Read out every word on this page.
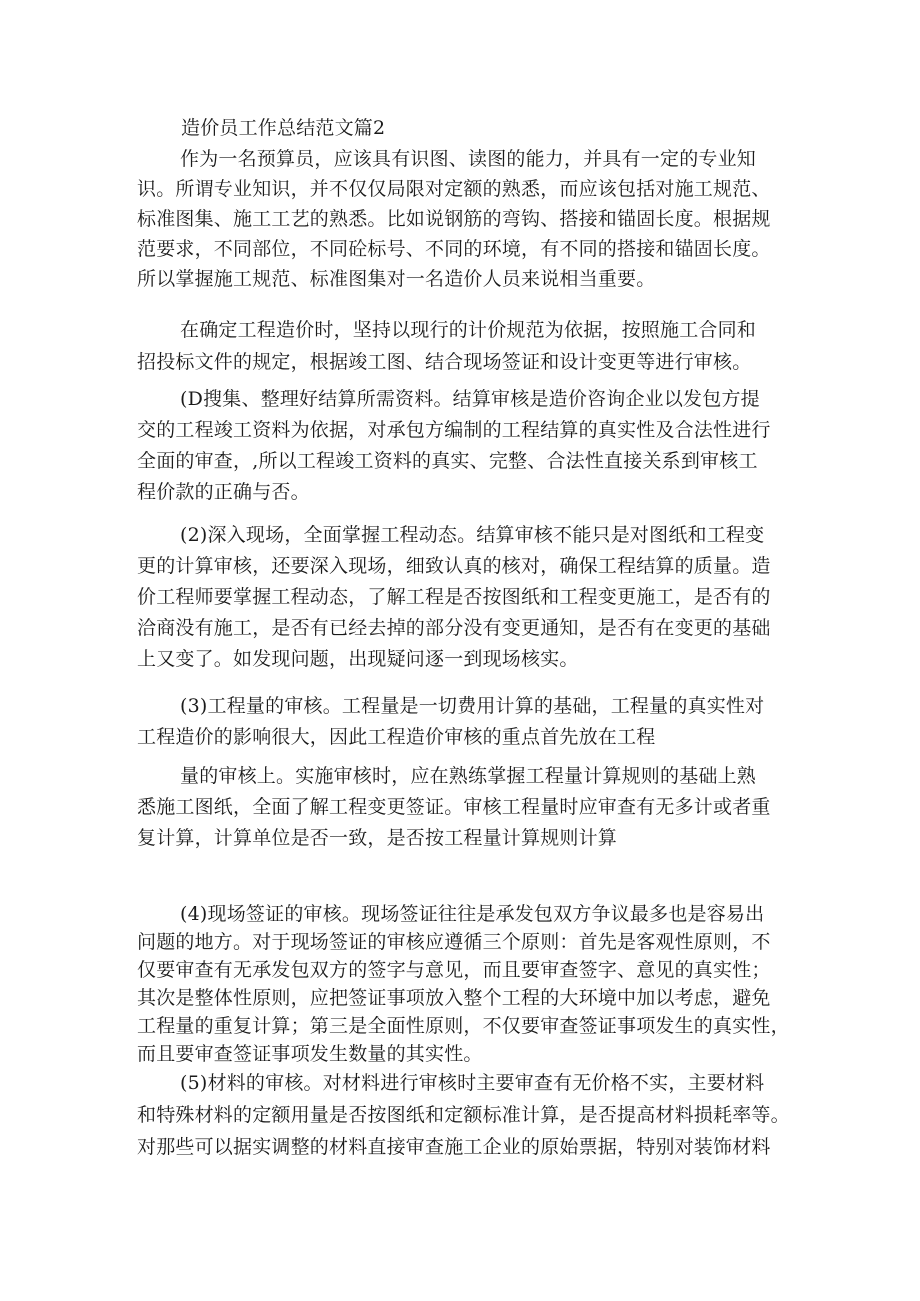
造价员工作总结范文篇2
作为一名预算员，应该具有识图、读图的能力，并具有一定的专业知
识。所谓专业知识，并不仅仅局限对定额的熟悉，而应该包括对施工规范、
标准图集、施工工艺的熟悉。比如说钢筋的弯钩、搭接和锚固长度。根据规
范要求，不同部位，不同砼标号、不同的环境，有不同的搭接和锚固长度。
所以掌握施工规范、标准图集对一名造价人员来说相当重要。
在确定工程造价时，坚持以现行的计价规范为依据，按照施工合同和
招投标文件的规定，根据竣工图、结合现场签证和设计变更等进行审核。
(D搜集、整理好结算所需资料。结算审核是造价咨询企业以发包方提
交的工程竣工资料为依据，对承包方编制的工程结算的真实性及合法性进行
全面的审查，,所以工程竣工资料的真实、完整、合法性直接关系到审核工
程价款的正确与否。
(2)深入现场，全面掌握工程动态。结算审核不能只是对图纸和工程变
更的计算审核，还要深入现场，细致认真的核对，确保工程结算的质量。造
价工程师要掌握工程动态，了解工程是否按图纸和工程变更施工，是否有的
洽商没有施工，是否有已经去掉的部分没有变更通知，是否有在变更的基础
上又变了。如发现问题，出现疑问逐一到现场核实。
(3)工程量的审核。工程量是一切费用计算的基础，工程量的真实性对
工程造价的影响很大，因此工程造价审核的重点首先放在工程
量的审核上。实施审核时，应在熟练掌握工程量计算规则的基础上熟
悉施工图纸，全面了解工程变更签证。审核工程量时应审查有无多计或者重
复计算，计算单位是否一致，是否按工程量计算规则计算
(4)现场签证的审核。现场签证往往是承发包双方争议最多也是容易出
问题的地方。对于现场签证的审核应遵循三个原则：首先是客观性原则，不
仅要审查有无承发包双方的签字与意见，而且要审查签字、意见的真实性；
其次是整体性原则，应把签证事项放入整个工程的大环境中加以考虑，避免
工程量的重复计算；第三是全面性原则，不仅要审查签证事项发生的真实性，
而且要审查签证事项发生数量的其实性。
(5)材料的审核。对材料进行审核时主要审查有无价格不实，主要材料
和特殊材料的定额用量是否按图纸和定额标准计算，是否提高材料损耗率等。
对那些可以据实调整的材料直接审查施工企业的原始票据，特别对装饰材料
